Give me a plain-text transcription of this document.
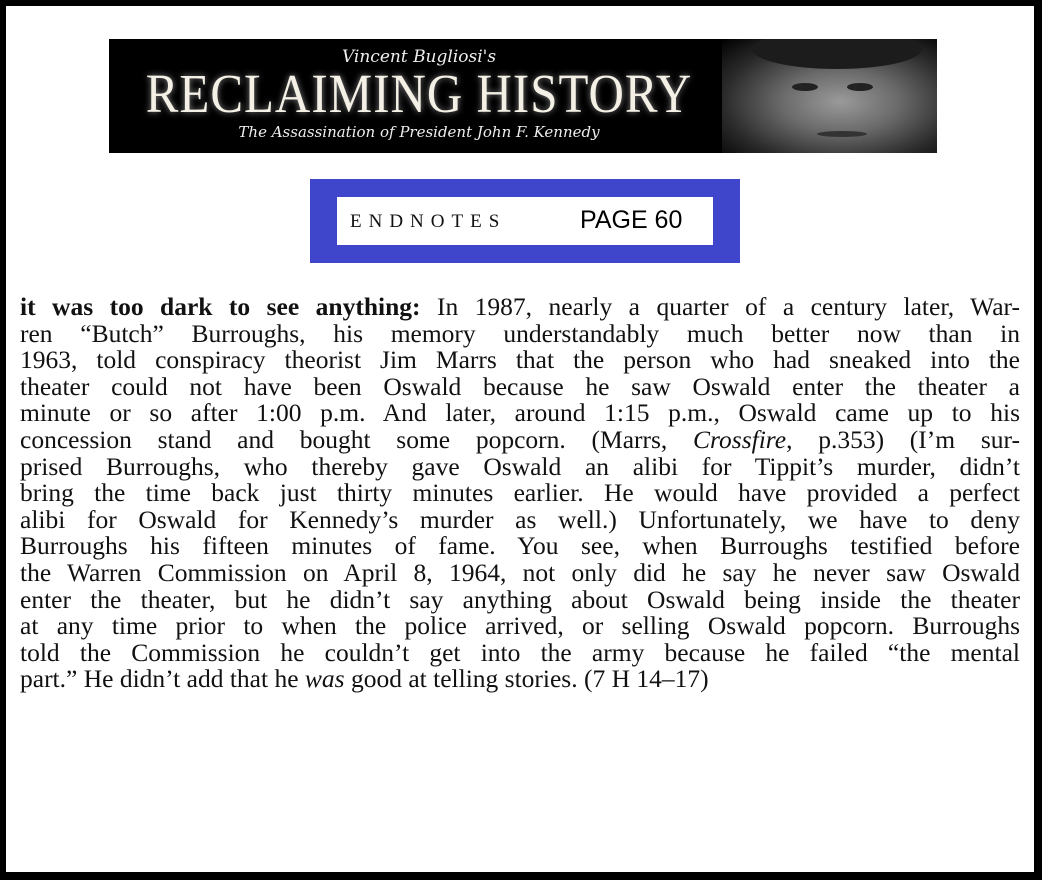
Vincent Bugliosi's
RECLAIMING HISTORY
The Assassination of President John F. Kennedy
ENDNOTES	PAGE 60
it was too dark to see anything: In 1987, nearly a quarter of a century later, War-
ren “Butch” Burroughs, his memory understandably much better now than in
1963, told conspiracy theorist Jim Marrs that the person who had sneaked into the
theater could not have been Oswald because he saw Oswald enter the theater a
minute or so after 1:00 p.m. And later, around 1:15 p.m., Oswald came up to his
concession stand and bought some popcorn. (Marrs, Crossfire, p.353) (I’m sur-
prised Burroughs, who thereby gave Oswald an alibi for Tippit’s murder, didn’t
bring the time back just thirty minutes earlier. He would have provided a perfect
alibi for Oswald for Kennedy’s murder as well.) Unfortunately, we have to deny
Burroughs his fifteen minutes of fame. You see, when Burroughs testified before
the Warren Commission on April 8, 1964, not only did he say he never saw Oswald
enter the theater, but he didn’t say anything about Oswald being inside the theater
at any time prior to when the police arrived, or selling Oswald popcorn. Burroughs
told the Commission he couldn’t get into the army because he failed “the mental
part.” He didn’t add that he was good at telling stories. (7 H 14–17)
